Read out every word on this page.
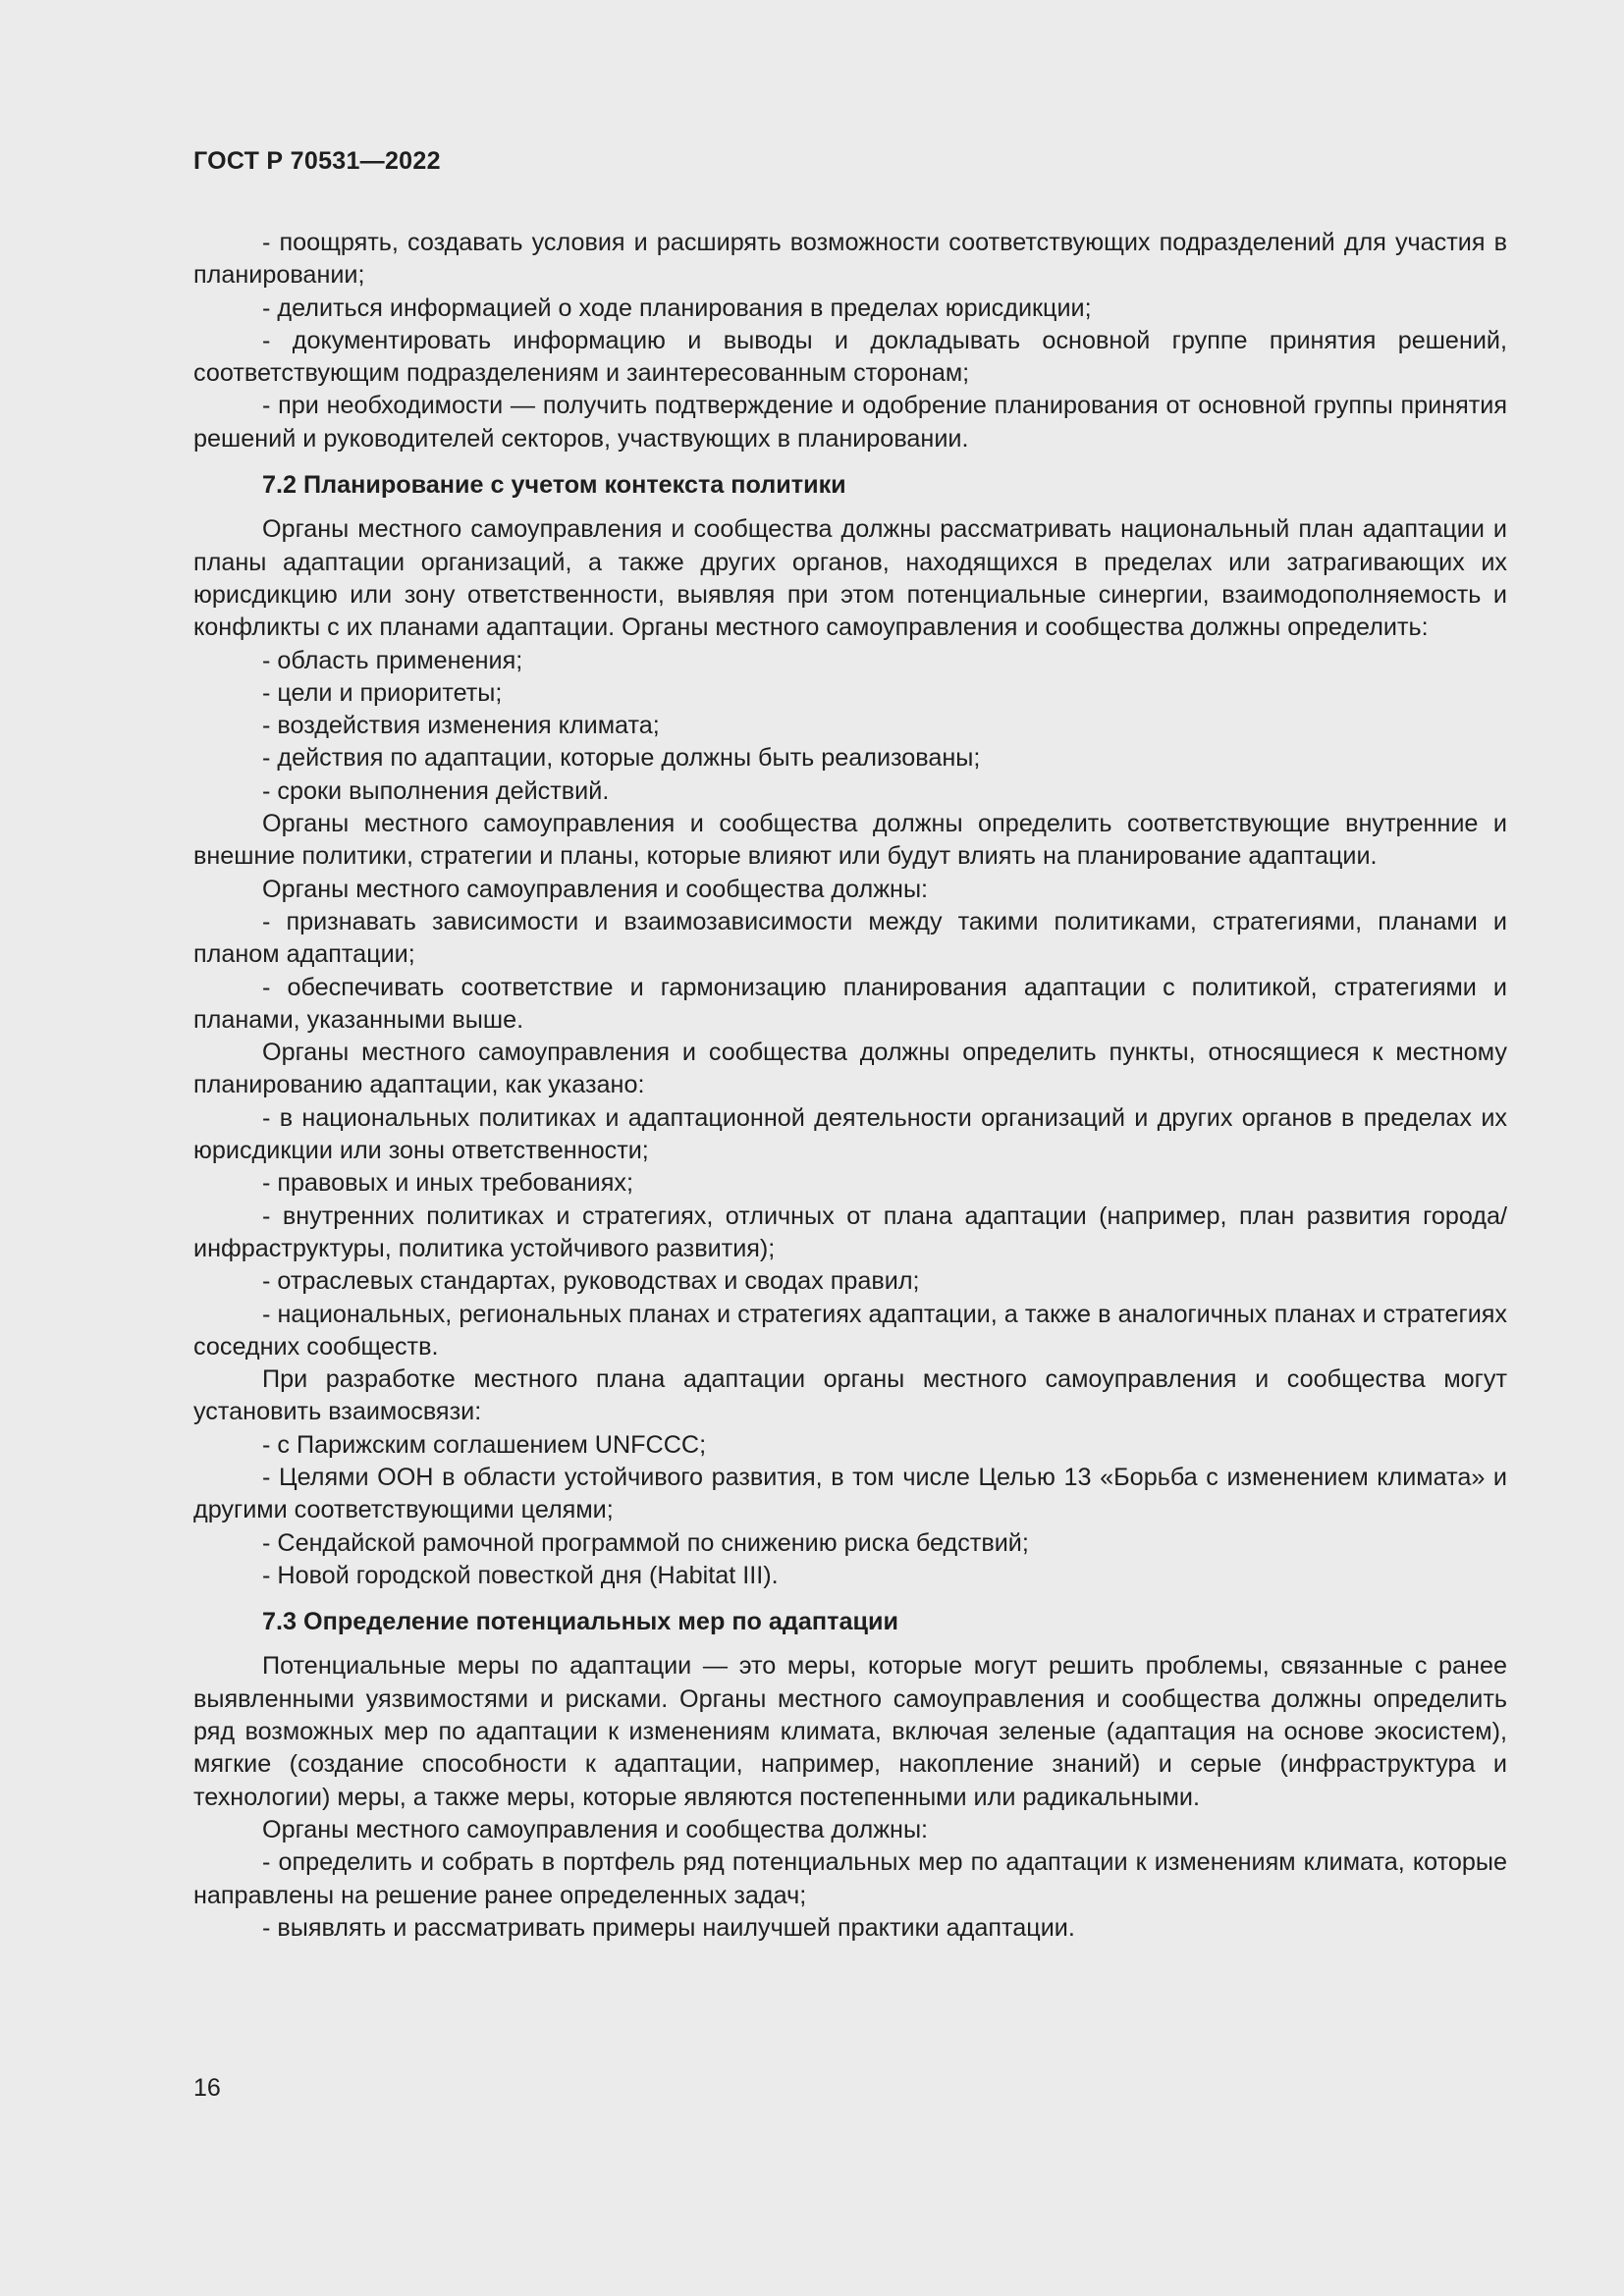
ГОСТ Р 70531—2022

- поощрять, создавать условия и расширять возможности соответствующих подразделений для участия в планировании;

- делиться информацией о ходе планирования в пределах юрисдикции;

- документировать информацию и выводы и докладывать основной группе принятия решений, соответствующим подразделениям и заинтересованным сторонам;

- при необходимости — получить подтверждение и одобрение планирования от основной группы принятия решений и руководителей секторов, участвующих в планировании.

7.2 Планирование с учетом контекста политики

Органы местного самоуправления и сообщества должны рассматривать национальный план адаптации и планы адаптации организаций, а также других органов, находящихся в пределах или затрагивающих их юрисдикцию или зону ответственности, выявляя при этом потенциальные синергии, взаимодополняемость и конфликты с их планами адаптации. Органы местного самоуправления и сообщества должны определить:

- область применения;

- цели и приоритеты;

- воздействия изменения климата;

- действия по адаптации, которые должны быть реализованы;

- сроки выполнения действий.

Органы местного самоуправления и сообщества должны определить соответствующие внутренние и внешние политики, стратегии и планы, которые влияют или будут влиять на планирование адаптации.

Органы местного самоуправления и сообщества должны:

- признавать зависимости и взаимозависимости между такими политиками, стратегиями, планами и планом адаптации;

- обеспечивать соответствие и гармонизацию планирования адаптации с политикой, стратегиями и планами, указанными выше.

Органы местного самоуправления и сообщества должны определить пункты, относящиеся к местному планированию адаптации, как указано:

- в национальных политиках и адаптационной деятельности организаций и других органов в пределах их юрисдикции или зоны ответственности;

- правовых и иных требованиях;

- внутренних политиках и стратегиях, отличных от плана адаптации (например, план развития города/инфраструктуры, политика устойчивого развития);

- отраслевых стандартах, руководствах и сводах правил;

- национальных, региональных планах и стратегиях адаптации, а также в аналогичных планах и стратегиях соседних сообществ.

При разработке местного плана адаптации органы местного самоуправления и сообщества могут установить взаимосвязи:

- с Парижским соглашением UNFCCC;

- Целями ООН в области устойчивого развития, в том числе Целью 13 «Борьба с изменением климата» и другими соответствующими целями;

- Сендайской рамочной программой по снижению риска бедствий;

- Новой городской повесткой дня (Habitat III).

7.3 Определение потенциальных мер по адаптации

Потенциальные меры по адаптации — это меры, которые могут решить проблемы, связанные с ранее выявленными уязвимостями и рисками. Органы местного самоуправления и сообщества должны определить ряд возможных мер по адаптации к изменениям климата, включая зеленые (адаптация на основе экосистем), мягкие (создание способности к адаптации, например, накопление знаний) и серые (инфраструктура и технологии) меры, а также меры, которые являются постепенными или радикальными.

Органы местного самоуправления и сообщества должны:

- определить и собрать в портфель ряд потенциальных мер по адаптации к изменениям климата, которые направлены на решение ранее определенных задач;

- выявлять и рассматривать примеры наилучшей практики адаптации.

16
